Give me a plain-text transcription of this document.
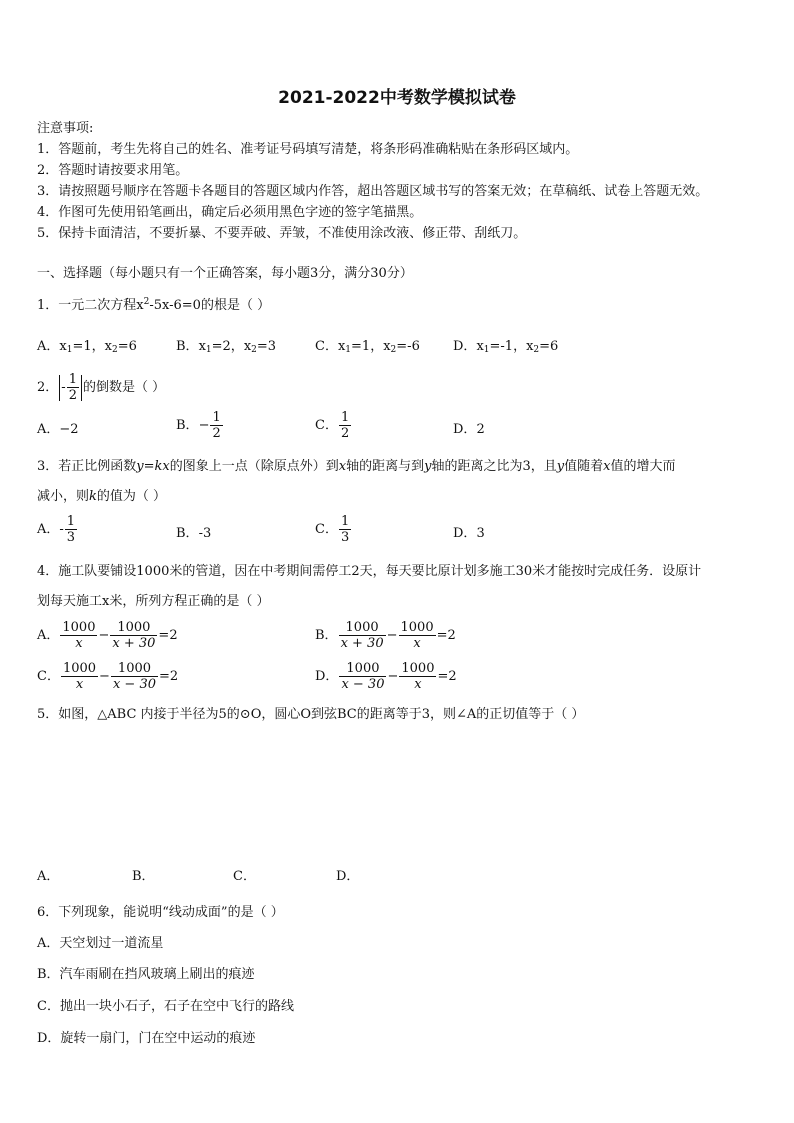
2021-2022中考数学模拟试卷
注意事项:
1．答题前，考生先将自己的姓名、准考证号码填写清楚，将条形码准确粘贴在条形码区域内。
2．答题时请按要求用笔。
3．请按照题号顺序在答题卡各题目的答题区域内作答，超出答题区域书写的答案无效；在草稿纸、试卷上答题无效。
4．作图可先使用铅笔画出，确定后必须用黑色字迹的签字笔描黑。
5．保持卡面清洁，不要折暴、不要弄破、弄皱，不准使用涂改液、修正带、刮纸刀。
一、选择题（每小题只有一个正确答案，每小题3分，满分30分）
1．一元二次方程$x^2-5x-6=0$的根是（ ）
A．$x_1=1$，$x_2=6$	B．$x_1=2$，$x_2=3$	C．$x_1=1$，$x_2=-6$	D．$x_1=-1$，$x_2=6$
2． - $\frac{1}{2}$ 的倒数是（ ）
A．−2	B．− $\frac{1}{2}$	C． $\frac{1}{2}$	D．2
3．若正比例函数y=kx的图象上一点（除原点外）到x轴的距离与到y轴的距离之比为3，且y值随着x值的增大而
减小，则k的值为（ ）
A．- $\frac{1}{3}$	B．-3	C． $\frac{1}{3}$	D．3
4．施工队要铺设1000米的管道，因在中考期间需停工2天，每天要比原计划多施工30米才能按时完成任务．设原计
划每天施工x米，所列方程正确的是（ ）
A． $\frac{1000}{x} - \frac{1000}{x + 30} =2$	B． $\frac{1000}{x + 30} - \frac{1000}{x} =2$
C． $\frac{1000}{x} - \frac{1000}{x - 30} =2$	D． $\frac{1000}{x - 30} - \frac{1000}{x} =2$
5．如图，△ABC 内接于半径为5的⊙O，圆心O到弦BC的距离等于3，则∠A的正切值等于（ ）
A．	B．	C．	D．
6．下列现象，能说明“线动成面”的是（ ）
A．天空划过一道流星
B．汽车雨刷在挡风玻璃上刷出的痕迹
C．抛出一块小石子，石子在空中飞行的路线
D．旋转一扇门，门在空中运动的痕迹
